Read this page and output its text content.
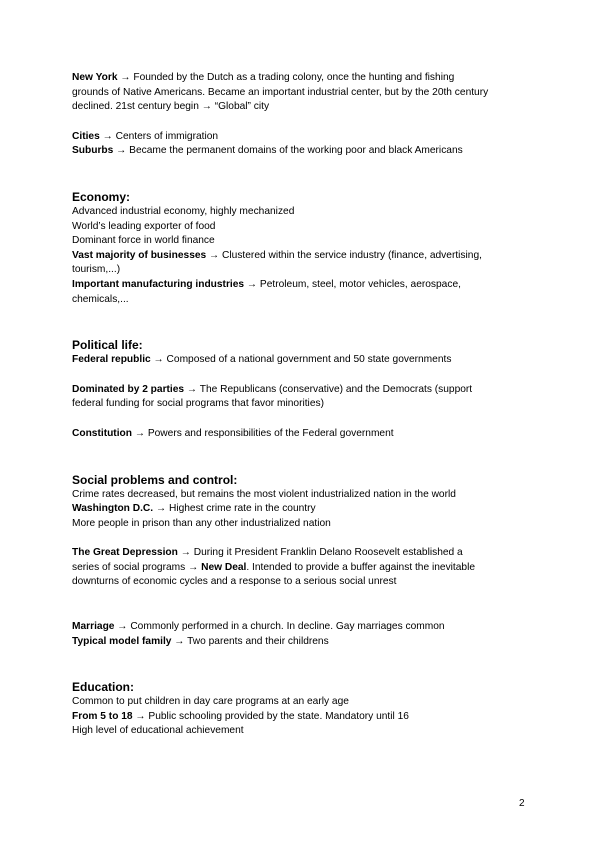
New York → Founded by the Dutch as a trading colony, once the hunting and fishing
grounds of Native Americans. Became an important industrial center, but by the 20th century
declined. 21st century begin → “Global” city
Cities → Centers of immigration
Suburbs → Became the permanent domains of the working poor and black Americans
Economy:
Advanced industrial economy, highly mechanized
World’s leading exporter of food
Dominant force in world finance
Vast majority of businesses → Clustered within the service industry (finance, advertising,
tourism,...)
Important manufacturing industries → Petroleum, steel, motor vehicles, aerospace,
chemicals,...
Political life:
Federal republic → Composed of a national government and 50 state governments
Dominated by 2 parties → The Republicans (conservative) and the Democrats (support
federal funding for social programs that favor minorities)
Constitution → Powers and responsibilities of the Federal government
Social problems and control:
Crime rates decreased, but remains the most violent industrialized nation in the world
Washington D.C. → Highest crime rate in the country
More people in prison than any other industrialized nation
The Great Depression → During it President Franklin Delano Roosevelt established a
series of social programs → New Deal. Intended to provide a buffer against the inevitable
downturns of economic cycles and a response to a serious social unrest
Marriage → Commonly performed in a church. In decline. Gay marriages common
Typical model family → Two parents and their childrens
Education:
Common to put children in day care programs at an early age
From 5 to 18 → Public schooling provided by the state. Mandatory until 16
High level of educational achievement
2
